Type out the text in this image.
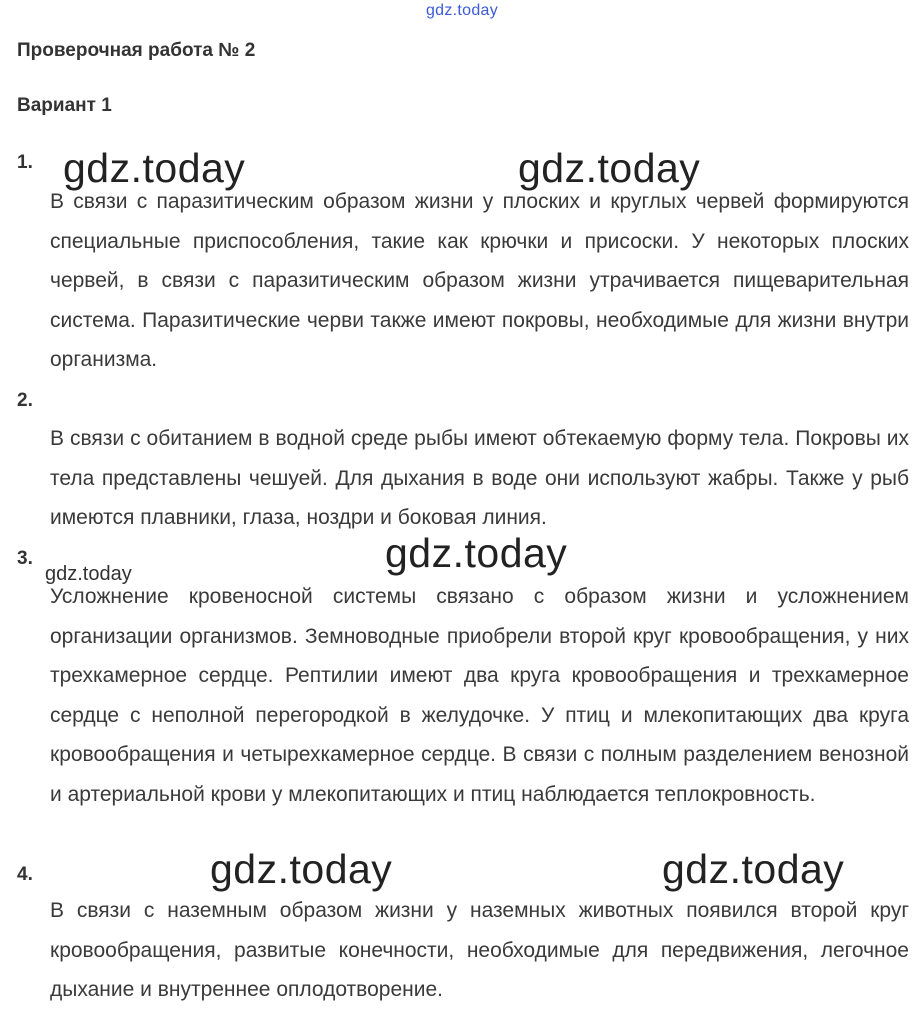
gdz.today
Проверочная работа № 2
Вариант 1
1. gdz.today	gdz.today
В связи с паразитическим образом жизни у плоских и круглых червей формируются специальные приспособления, такие как крючки и присоски. У некоторых плоских червей, в связи с паразитическим образом жизни утрачивается пищеварительная система. Паразитические черви также имеют покровы, необходимые для жизни внутри организма.
2.
В связи с обитанием в водной среде рыбы имеют обтекаемую форму тела. Покровы их тела представлены чешуей. Для дыхания в воде они используют жабры. Также у рыб имеются плавники, глаза, ноздри и боковая линия.
3.	gdz.today
gdz.today
Усложнение кровеносной системы связано с образом жизни и усложнением организации организмов. Земноводные приобрели второй круг кровообращения, у них трехкамерное сердце. Рептилии имеют два круга кровообращения и трехкамерное сердце с неполной перегородкой в желудочке. У птиц и млекопитающих два круга кровообращения и четырехкамерное сердце. В связи с полным разделением венозной и артериальной крови у млекопитающих и птиц наблюдается теплокровность.
4.	gdz.today	gdz.today
В связи с наземным образом жизни у наземных животных появился второй круг кровообращения, развитые конечности, необходимые для передвижения, легочное дыхание и внутреннее оплодотворение.
